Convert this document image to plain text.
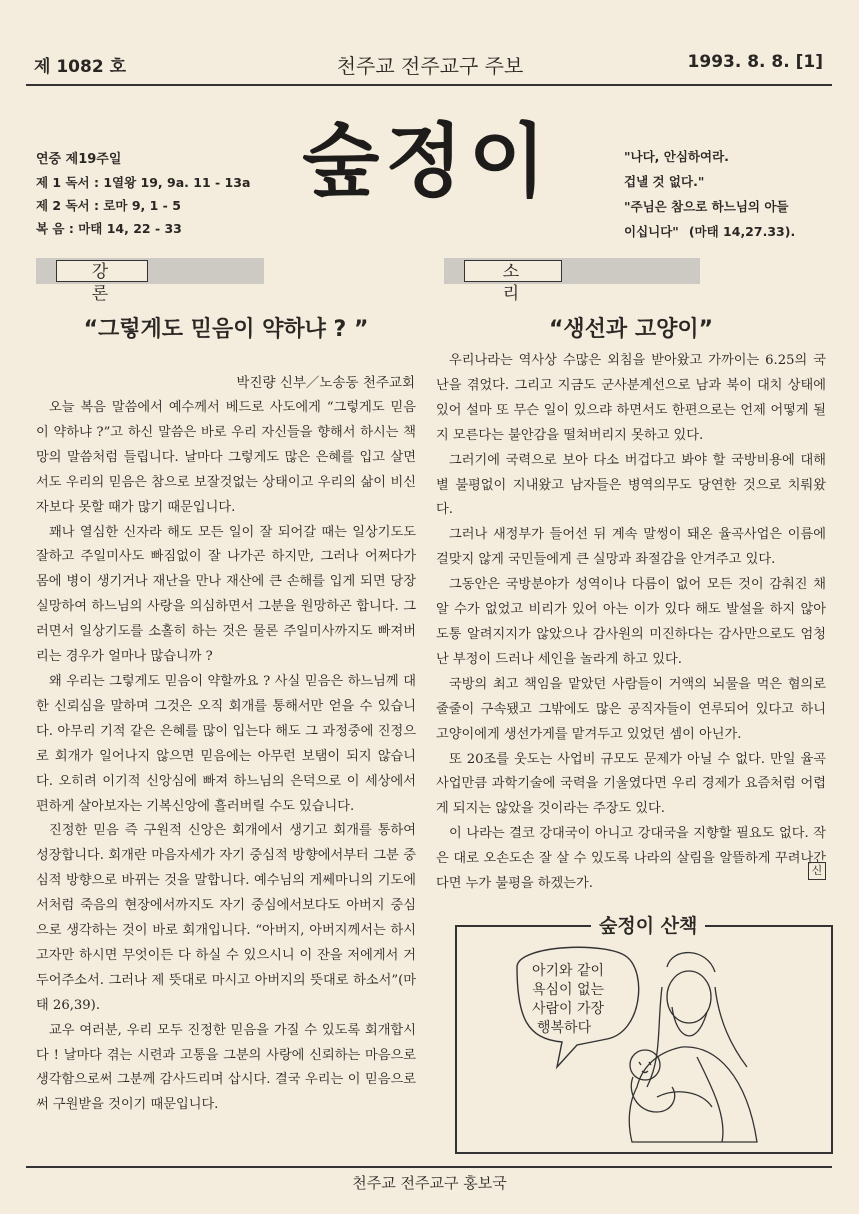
제 1082 호	천주교 전주교구 주보	1993. 8. 8. [1]
연중 제19주일
제 1 독서 : 1열왕 19, 9a. 11 - 13a
제 2 독서 : 로마 9, 1 - 5
복 음 : 마태 14, 22 - 33
숲정이	"나다, 안심하여라.
겁낼 것 없다."
"주님은 참으로 하느님의 아들
이십니다" (마태 14,27.33).
강 론
소 리
“그렇게도 믿음이 약하냐 ? ”	“생선과 고양이”
박진량 신부／노송동 천주교회

오늘 복음 말씀에서 예수께서 베드로 사도에게 “그렇게도 믿음이 약하냐 ?”고 하신 말씀은 바로 우리 자신들을 향해서 하시는 책망의 말씀처럼 들립니다. 날마다 그렇게도 많은 은혜를 입고 살면서도 우리의 믿음은 참으로 보잘것없는 상태이고 우리의 삶이 비신자보다 못할 때가 많기 때문입니다.

꽤나 열심한 신자라 해도 모든 일이 잘 되어갈 때는 일상기도도 잘하고 주일미사도 빠짐없이 잘 나가곤 하지만, 그러나 어쩌다가 몸에 병이 생기거나 재난을 만나 재산에 큰 손해를 입게 되면 당장 실망하여 하느님의 사랑을 의심하면서 그분을 원망하곤 합니다. 그러면서 일상기도를 소홀히 하는 것은 물론 주일미사까지도 빠져버리는 경우가 얼마나 많습니까 ?

왜 우리는 그렇게도 믿음이 약할까요 ? 사실 믿음은 하느님께 대한 신뢰심을 말하며 그것은 오직 회개를 통해서만 얻을 수 있습니다. 아무리 기적 같은 은혜를 많이 입는다 해도 그 과정중에 진정으로 회개가 일어나지 않으면 믿음에는 아무런 보탬이 되지 않습니다. 오히려 이기적 신앙심에 빠져 하느님의 은덕으로 이 세상에서 편하게 살아보자는 기복신앙에 흘러버릴 수도 있습니다.

진정한 믿음 즉 구원적 신앙은 회개에서 생기고 회개를 통하여 성장합니다. 회개란 마음자세가 자기 중심적 방향에서부터 그분 중심적 방향으로 바뀌는 것을 말합니다. 예수님의 게쎄마니의 기도에서처럼 죽음의 현장에서까지도 자기 중심에서보다도 아버지 중심으로 생각하는 것이 바로 회개입니다. “아버지, 아버지께서는 하시고자만 하시면 무엇이든 다 하실 수 있으시니 이 잔을 저에게서 거두어주소서. 그러나 제 뜻대로 마시고 아버지의 뜻대로 하소서”(마태 26,39).

교우 여러분, 우리 모두 진정한 믿음을 가질 수 있도록 회개합시다 ! 날마다 겪는 시련과 고통을 그분의 사랑에 신뢰하는 마음으로 생각함으로써 그분께 감사드리며 삽시다. 결국 우리는 이 믿음으로써 구원받을 것이기 때문입니다.

우리나라는 역사상 수많은 외침을 받아왔고 가까이는 6.25의 국난을 겪었다. 그리고 지금도 군사분계선으로 남과 북이 대치 상태에 있어 설마 또 무슨 일이 있으랴 하면서도 한편으로는 언제 어떻게 될지 모른다는 불안감을 떨쳐버리지 못하고 있다.

그러기에 국력으로 보아 다소 버겁다고 봐야 할 국방비용에 대해 별 불평없이 지내왔고 남자들은 병역의무도 당연한 것으로 치뤄왔다.

그러나 새정부가 들어선 뒤 계속 말썽이 돼온 율곡사업은 이름에 걸맞지 않게 국민들에게 큰 실망과 좌절감을 안겨주고 있다.

그동안은 국방분야가 성역이나 다름이 없어 모든 것이 감춰진 채 알 수가 없었고 비리가 있어 아는 이가 있다 해도 발설을 하지 않아 도통 알려지지가 않았으나 감사원의 미진하다는 감사만으로도 엄청난 부정이 드러나 세인을 놀라게 하고 있다.

국방의 최고 책임을 맡았던 사람들이 거액의 뇌물을 먹은 혐의로 줄줄이 구속됐고 그밖에도 많은 공직자들이 연루되어 있다고 하니 고양이에게 생선가게를 맡겨두고 있었던 셈이 아닌가.

또 20조를 웃도는 사업비 규모도 문제가 아닐 수 없다. 만일 율곡사업만큼 과학기술에 국력을 기울였다면 우리 경제가 요즘처럼 어렵게 되지는 않았을 것이라는 주장도 있다.

이 나라는 결코 강대국이 아니고 강대국을 지향할 필요도 없다. 작은 대로 오손도손 잘 살 수 있도록 나라의 살림을 알뜰하게 꾸려나간다면 누가 불평을 하겠는가.

신
아기와 같이
욕심이 없는
사람이 가장
행복하다
숲정이 산책
천주교 전주교구 홍보국
